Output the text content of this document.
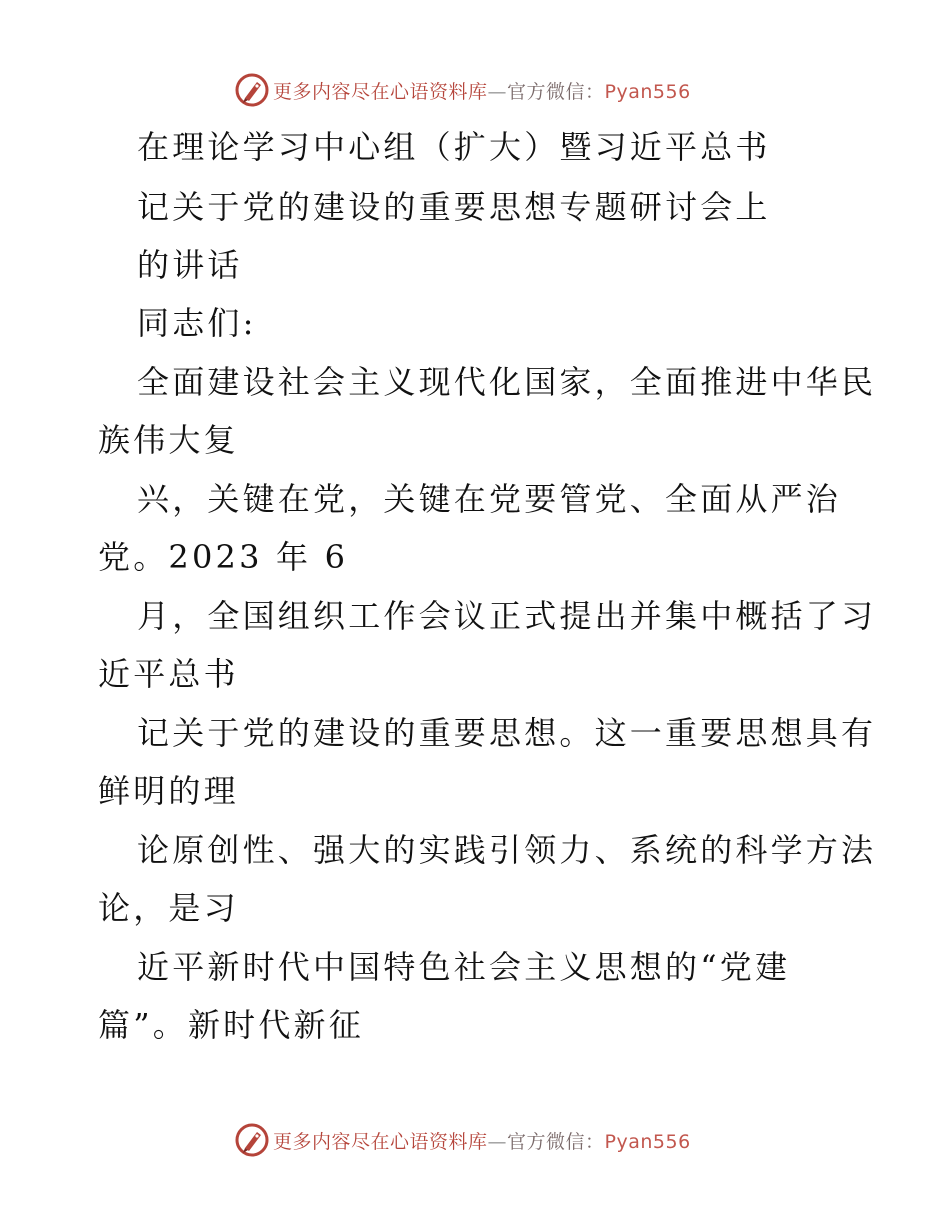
更多内容尽在心语资料库—官方微信：Pyan556
在理论学习中心组（扩大）暨习近平总书
记关于党的建设的重要思想专题研讨会上
的讲话
同志们:
全面建设社会主义现代化国家，全面推进中华民
族伟大复
兴，关键在党，关键在党要管党、全面从严治
党。2023 年 6
月，全国组织工作会议正式提出并集中概括了习
近平总书
记关于党的建设的重要思想。这一重要思想具有
鲜明的理
论原创性、强大的实践引领力、系统的科学方法
论，是习
近平新时代中国特色社会主义思想的“党建
篇”。新时代新征
更多内容尽在心语资料库—官方微信：Pyan556
